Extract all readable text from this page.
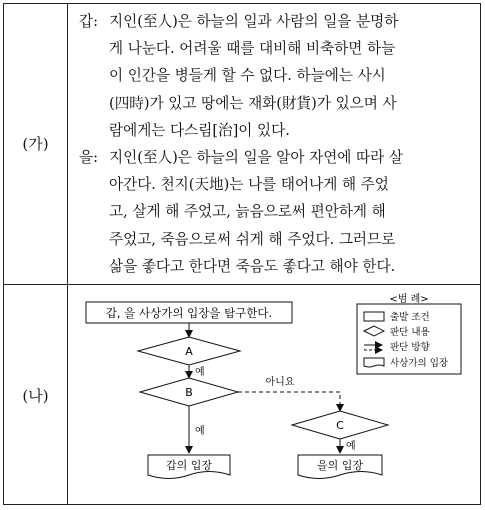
(가)
갑: 지인(至人)은 하늘의 일과 사람의 일을 분명하
게 나눈다. 어려울 때를 대비해 비축하면 하늘
이 인간을 병들게 할 수 없다. 하늘에는 사시
(四時)가 있고 땅에는 재화(財貨)가 있으며 사
람에게는 다스림[治]이 있다.
을: 지인(至人)은 하늘의 일을 알아 자연에 따라 살
아간다. 천지(天地)는 나를 태어나게 해 주었
고, 살게 해 주었고, 늙음으로써 편안하게 해
주었고, 죽음으로써 쉬게 해 주었다. 그러므로
삶을 좋다고 한다면 죽음도 좋다고 해야 한다.
(나)
갑, 을 사상가의 입장을 탐구한다.
A
예
B
예
아니요
C
예
갑의 입장	을의 입장
<범 례>
출발 조건
판단 내용
판단 방향
사상가의 입장
